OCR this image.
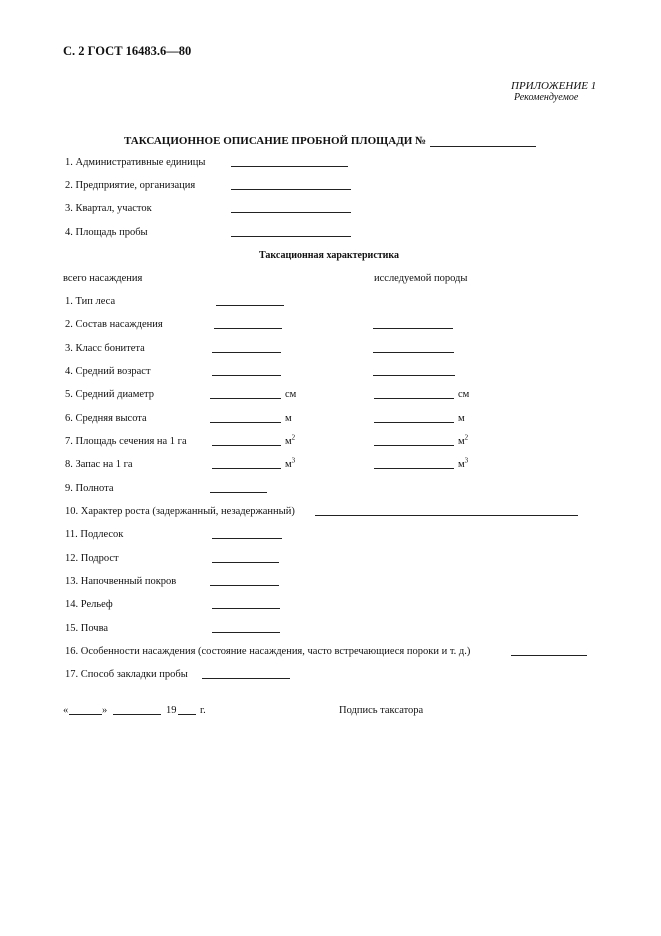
С. 2 ГОСТ 16483.6—80
ПРИЛОЖЕНИЕ 1
Рекомендуемое
ТАКСАЦИОННОЕ ОПИСАНИЕ ПРОБНОЙ ПЛОЩАДИ №
1. Административные единицы
2. Предприятие, организация
3. Квартал, участок
4. Площадь пробы
Таксационная характеристика
всего насаждения	исследуемой породы
1. Тип леса
2. Состав насаждения
3. Класс бонитета
4. Средний возраст
5. Средний диаметр	см	см
6. Средняя высота	м	м
7. Площадь сечения на 1 га	$м^2$	$м^2$
8. Запас на 1 га	$м^3$	$м^3$
9. Полнота
10. Характер роста (задержанный, незадержанный)
11. Подлесок
12. Подрост
13. Напочвенный покров
14. Рельеф
15. Почва
16. Особенности насаждения (состояние насаждения, часто встречающиеся пороки и т. д.)
17. Способ закладки пробы
«	»	19 г.	Подпись таксатора
